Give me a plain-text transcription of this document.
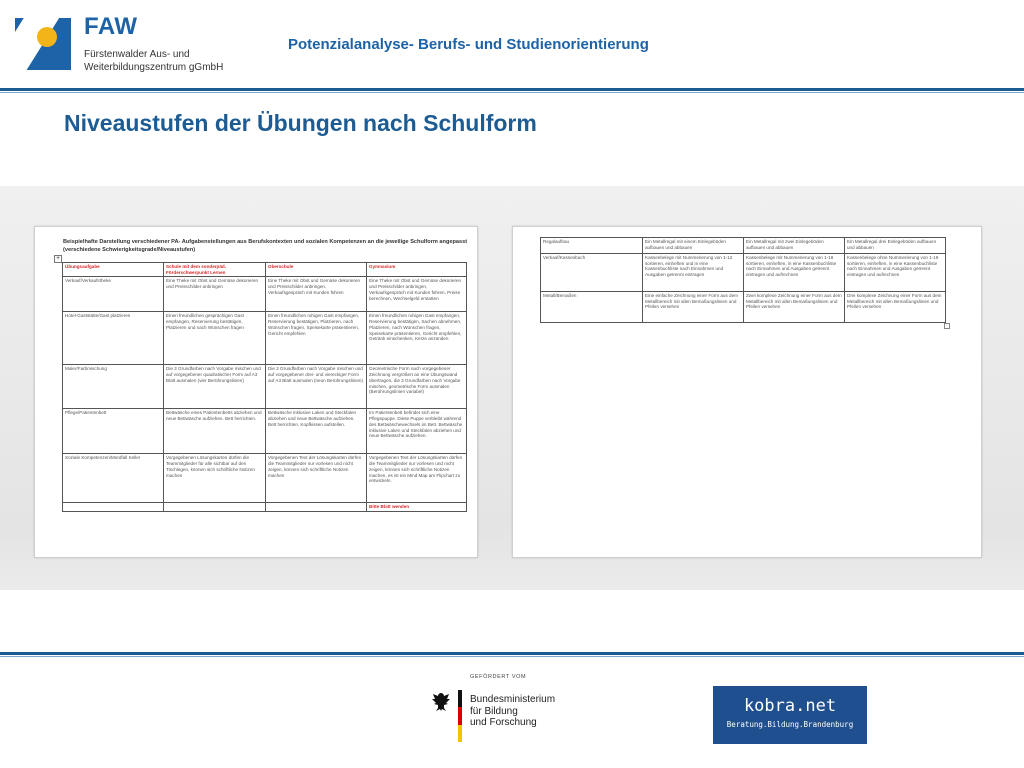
FAW
Fürstenwalder Aus- und
Weiterbildungszentrum gGmbH
Potenzialanalyse- Berufs- und Studienorientierung
Niveaustufen der Übungen nach Schulform
Beispielhafte Darstellung verschiedener PA- Aufgabenstellungen aus Berufskontexten und sozialen Kompetenzen an die jeweilige Schulform angepasst (verschiedene Schwierigkeitsgrade/Niveaustufen)
+
Übungsaufgabe	Schule mit dem sonderpäd. Förderschwerpunkt Lernen	Oberschule	Gymnasium
Verkauf/Verkaufstheke	Eine Theke mit Obst und Gemüse dekorieren und Preisschilder anbringen	Eine Theke mit Obst und Gemüse dekorieren und Preisschilder anbringen, Verkaufsgespräch mit Kunden führen	Eine Theke mit Obst und Gemüse dekorieren und Preisschilder anbringen, Verkaufsgespräch mit Kunden führen, Preise berechnen, Wechselgeld erstatten
Hotel-Gaststätte/Gast platzieren	Einen freundlichen gesprächigen Gast empfangen, Reservierung bestätigen, Platzieren und nach Wünschen fragen	Einen freundlichen ruhigen Gast empfangen, Reservierung bestätigen, Platzieren, nach Wünschen fragen, Speisekarte präsentieren, Gericht empfehlen	Einen freundlichen ruhigen Gast empfangen, Reservierung bestätigen, Sachen abnehmen, Platzieren, nach Wünschen fragen, Speisekarte präsentieren, Gericht empfehlen, Getränk einschenken, Kerze anzünden
Maler/Farbmischung	Die 3 Grundfarben nach Vorgabe mischen und auf vorgegebener quadratischer Form auf A3 Blatt ausmalen (vier Berührungslinien)	Die 3 Grundfarben nach Vorgabe mischen und auf vorgegebener drei- und viereckiger Form auf A3 Blatt ausmalen (neun Berührungslinien)	Geometrische Form nach vorgegebener Zeichnung vergrößert an eine Übungswand übertragen, die 3 Grundfarben nach Vorgabe mischen, geometrische Form ausmalen (Berührungslinien variabel)
Pflege/Patientenbett	Bettwäsche eines Patientenbetts abziehen und neue Bettwäsche aufziehen. Bett herrichten.	Bettwäsche inklusive Laken und Steckfalen abziehen und neue Bettwäsche aufziehen. Bett herrichten. Kopfkissen aufstellen.	Im Patientenbett befindet sich eine Pflegepuppe. Diese Puppe verbleibt während des Bettwäschewechsels im Bett. Bettwäsche inklusive Laken und Steckfalen abziehen und neue Bettwäsche aufziehen.
Soziale Kompetenzen/Mordfall Keller	Vorgegebenen Lösungskarten dürfen die Teammitglieder für alle sichtbar auf den Tischlegen, können sich schriftliche Notizen machen	Vorgegebenen Text der Lösungskarten dürfen die Teammitglieder nur vorlesen und nicht zeigen, können sich schriftliche Notizen machen	Vorgegebenen Text der Lösungskarten dürfen die Teammitglieder nur vorlesen und nicht zeigen, können sich schriftliche Notizen machen, es ist ein Mind Map am Flipchart zu entwickeln.
			Bitte Blatt wenden
Regalaufbau	Ein Metallregal mit einem Einlegeböden aufbauen und abbauen	Ein Metallregal mit zwei Einlegeböden aufbauen und abbauen	Ein Metallregal drei Einlegeböden aufbauen und abbauen
Verkauf/Kassenbuch	Kassenbelege mit Nummerierung von 1-12 sortieren, einheften und in eine Kassenbuchliste nach Einnahmen und Ausgaben getrennt eintragen	Kassenbelege mit Nummerierung von 1-18 sortieren, einheften, in eine Kassenbuchliste nach Einnahmen und Ausgaben getrennt eintragen und aufrechnen	Kassenbelege ohne Nummerierung von 1-18 sortieren, einheften, in eine Kassenbuchliste nach Einnahmen und Ausgaben getrennt eintragen und aufrechnen
Metall/Bemaßen	Eine einfache Zeichnung einer Form aus dem Metallbereich mit allen Bemaßungslinien und Pfeilen versehen	Zwei komplexe Zeichnung einer Form aus dem Metallbereich mit allen Bemaßungslinien und Pfeilen versehen	Drei komplexe Zeichnung einer Form aus dem Metallbereich mit allen Bemaßungslinien und Pfeilen versehen
GEFÖRDERT VOM
Bundesministerium
für Bildung
und Forschung
kobra.net
Beratung.Bildung.Brandenburg
